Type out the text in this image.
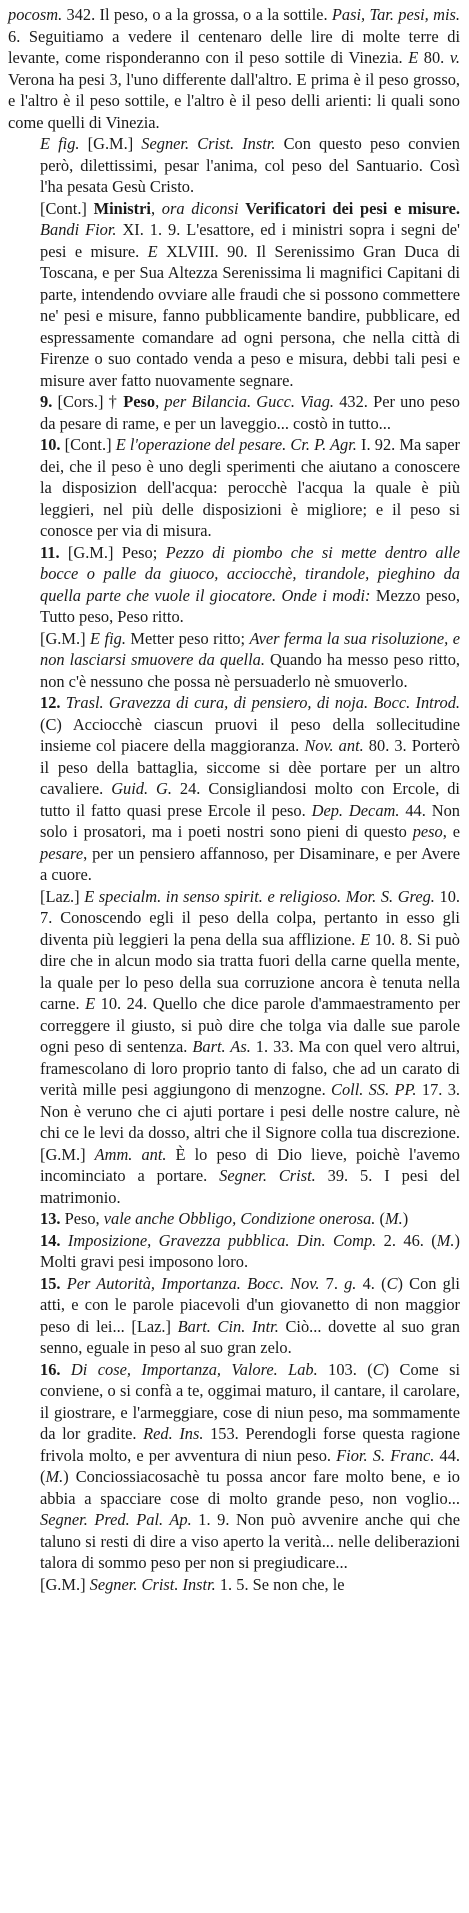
pocosm. 342. Il peso, o a la grossa, o a la sottile. Pasi, Tar. pesi, mis. 6. Seguitiamo a vedere il centenaro delle lire di molte terre di levante, come risponderanno con il peso sottile di Vinezia. E 80. v. Verona ha pesi 3, l'uno differente dall'altro. E prima è il peso grosso, e l'altro è il peso sottile, e l'altro è il peso delli arienti: li quali sono come quelli di Vinezia.
E fig. [G.M.] Segner. Crist. Instr. Con questo peso convien però, dilettissimi, pesar l'anima, col peso del Santuario. Così l'ha pesata Gesù Cristo.
[Cont.] Ministri, ora diconsi Verificatori dei pesi e misure. Bandi Fior. XI. 1. 9. L'esattore, ed i ministri sopra i segni de' pesi e misure. E XLVIII. 90. Il Serenissimo Gran Duca di Toscana, e per Sua Altezza Serenissima li magnifici Capitani di parte, intendendo ovviare alle fraudi che si possono commettere ne' pesi e misure, fanno pubblicamente bandire, pubblicare, ed espressamente comandare ad ogni persona, che nella città di Firenze o suo contado venda a peso e misura, debbi tali pesi e misure aver fatto nuovamente segnare.
9. [Cors.] † Peso, per Bilancia. Gucc. Viag. 432. Per uno peso da pesare di rame, e per un laveggio... costò in tutto...
10. [Cont.] E l'operazione del pesare. Cr. P. Agr. I. 92. Ma saper dei, che il peso è uno degli sperimenti che aiutano a conoscere la disposizion dell'acqua: perocchè l'acqua la quale è più leggieri, nel più delle disposizioni è migliore; e il peso si conosce per via di misura.
11. [G.M.] Peso; Pezzo di piombo che si mette dentro alle bocce o palle da giuoco, acciocchè, tirandole, pieghino da quella parte che vuole il giocatore. Onde i modi: Mezzo peso, Tutto peso, Peso ritto.
[G.M.] E fig. Metter peso ritto; Aver ferma la sua risoluzione, e non lasciarsi smuovere da quella. Quando ha messo peso ritto, non c'è nessuno che possa nè persuaderlo nè smuoverlo.
12. Trasl. Gravezza di cura, di pensiero, di noja. Bocc. Introd. (C) Acciocchè ciascun pruovi il peso della sollecitudine insieme col piacere della maggioranza. Nov. ant. 80. 3. Porterò il peso della battaglia, siccome si dèe portare per un altro cavaliere. Guid. G. 24. Consigliandosi molto con Ercole, di tutto il fatto quasi prese Ercole il peso. Dep. Decam. 44. Non solo i prosatori, ma i poeti nostri sono pieni di questo peso, e pesare, per un pensiero affannoso, per Disaminare, e per Avere a cuore.
[Laz.] E specialm. in senso spirit. e religioso. Mor. S. Greg. 10. 7. Conoscendo egli il peso della colpa, pertanto in esso gli diventa più leggieri la pena della sua afflizione. E 10. 8. Si può dire che in alcun modo sia tratta fuori della carne quella mente, la quale per lo peso della sua corruzione ancora è tenuta nella carne. E 10. 24. Quello che dice parole d'ammaestramento per correggere il giusto, si può dire che tolga via dalle sue parole ogni peso di sentenza. Bart. As. 1. 33. Ma con quel vero altrui, framescolano di loro proprio tanto di falso, che ad un carato di verità mille pesi aggiungono di menzogne. Coll. SS. PP. 17. 3. Non è veruno che ci ajuti portare i pesi delle nostre calure, nè chi ce le levi da dosso, altri che il Signore colla tua discrezione. [G.M.] Amm. ant. È lo peso di Dio lieve, poichè l'avemo incominciato a portare. Segner. Crist. 39. 5. I pesi del matrimonio.
13. Peso, vale anche Obbligo, Condizione onerosa. (M.)
14. Imposizione, Gravezza pubblica. Din. Comp. 2. 46. (M.) Molti gravi pesi imposono loro.
15. Per Autorità, Importanza. Bocc. Nov. 7. g. 4. (C) Con gli atti, e con le parole piacevoli d'un giovanetto di non maggior peso di lei... [Laz.] Bart. Cin. Intr. Ciò... dovette al suo gran senno, eguale in peso al suo gran zelo.
16. Di cose, Importanza, Valore. Lab. 103. (C) Come si conviene, o si confà a te, oggimai maturo, il cantare, il carolare, il giostrare, e l'armeggiare, cose di niun peso, ma sommamente da lor gradite. Red. Ins. 153. Perendogli forse questa ragione frivola molto, e per avventura di niun peso. Fior. S. Franc. 44. (M.) Conciossiacosachè tu possa ancor fare molto bene, e io abbia a spacciare cose di molto grande peso, non voglio... Segner. Pred. Pal. Ap. 1. 9. Non può avvenire anche qui che taluno si resti di dire a viso aperto la verità... nelle deliberazioni talora di sommo peso per non si pregiudicare...
[G.M.] Segner. Crist. Instr. 1. 5. Se non che, le
